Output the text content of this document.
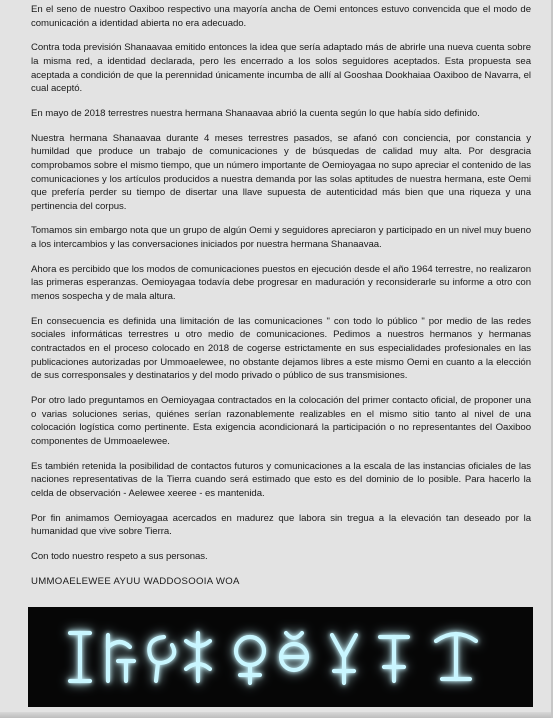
En el seno de nuestro Oaxiboo respectivo una mayoría ancha de Oemi entonces estuvo convencida que el modo de comunicación a identidad abierta no era adecuado.

Contra toda previsión Shanaavaa emitido entonces la idea que sería adaptado más de abrirle una nueva cuenta sobre la misma red, a identidad declarada, pero les encerrado a los solos seguidores aceptados. Esta propuesta sea aceptada a condición de que la perennidad únicamente incumba de allí al Gooshaa Dookhaiaa Oaxiboo de Navarra, el cual aceptó.

En mayo de 2018 terrestres nuestra hermana Shanaavaa abrió la cuenta según lo que había sido definido.

Nuestra hermana Shanaavaa durante 4 meses terrestres pasados, se afanó con conciencia, por constancia y humildad que produce un trabajo de comunicaciones y de búsquedas de calidad muy alta. Por desgracia comprobamos sobre el mismo tiempo, que un número importante de Oemioyagaa no supo apreciar el contenido de las comunicaciones y los artículos producidos a nuestra demanda por las solas aptitudes de nuestra hermana, este Oemi que prefería perder su tiempo de disertar una llave supuesta de autenticidad más bien que una riqueza y una pertinencia del corpus.

Tomamos sin embargo nota que un grupo de algún Oemi y seguidores apreciaron y participado en un nivel muy bueno a los intercambios y las conversaciones iniciados por nuestra hermana Shanaavaa.

Ahora es percibido que los modos de comunicaciones puestos en ejecución desde el año 1964 terrestre, no realizaron las primeras esperanzas. Oemioyagaa todavía debe progresar en maduración y reconsiderarle su informe a otro con menos sospecha y de mala altura.

En consecuencia es definida una limitación de las comunicaciones " con todo lo público " por medio de las redes sociales informáticas terrestres u otro medio de comunicaciones. Pedimos a nuestros hermanos y hermanas contractados en el proceso colocado en 2018 de cogerse estrictamente en sus especialidades profesionales en las publicaciones autorizadas por Ummoaelewee, no obstante dejamos libres a este mismo Oemi en cuanto a la elección de sus corresponsales y destinatarios y del modo privado o público de sus transmisiones.

Por otro lado preguntamos en Oemioyagaa contractados en la colocación del primer contacto oficial, de proponer una o varias soluciones serias, quiénes serían razonablemente realizables en el mismo sitio tanto al nivel de una colocación logística como pertinente. Esta exigencia acondicionará la participación o no representantes del Oaxiboo componentes de Ummoaelewee.

Es también retenida la posibilidad de contactos futuros y comunicaciones a la escala de las instancias oficiales de las naciones representativas de la Tierra cuando será estimado que esto es del dominio de lo posible. Para hacerlo la celda de observación - Aelewee xeeree - es mantenida.

Por fin animamos Oemioyagaa acercados en madurez que labora sin tregua a la elevación tan deseado por la humanidad que vive sobre Tierra.

Con todo nuestro respeto a sus personas.

UMMOAELEWEE AYUU WADDOSOOIA WOA
